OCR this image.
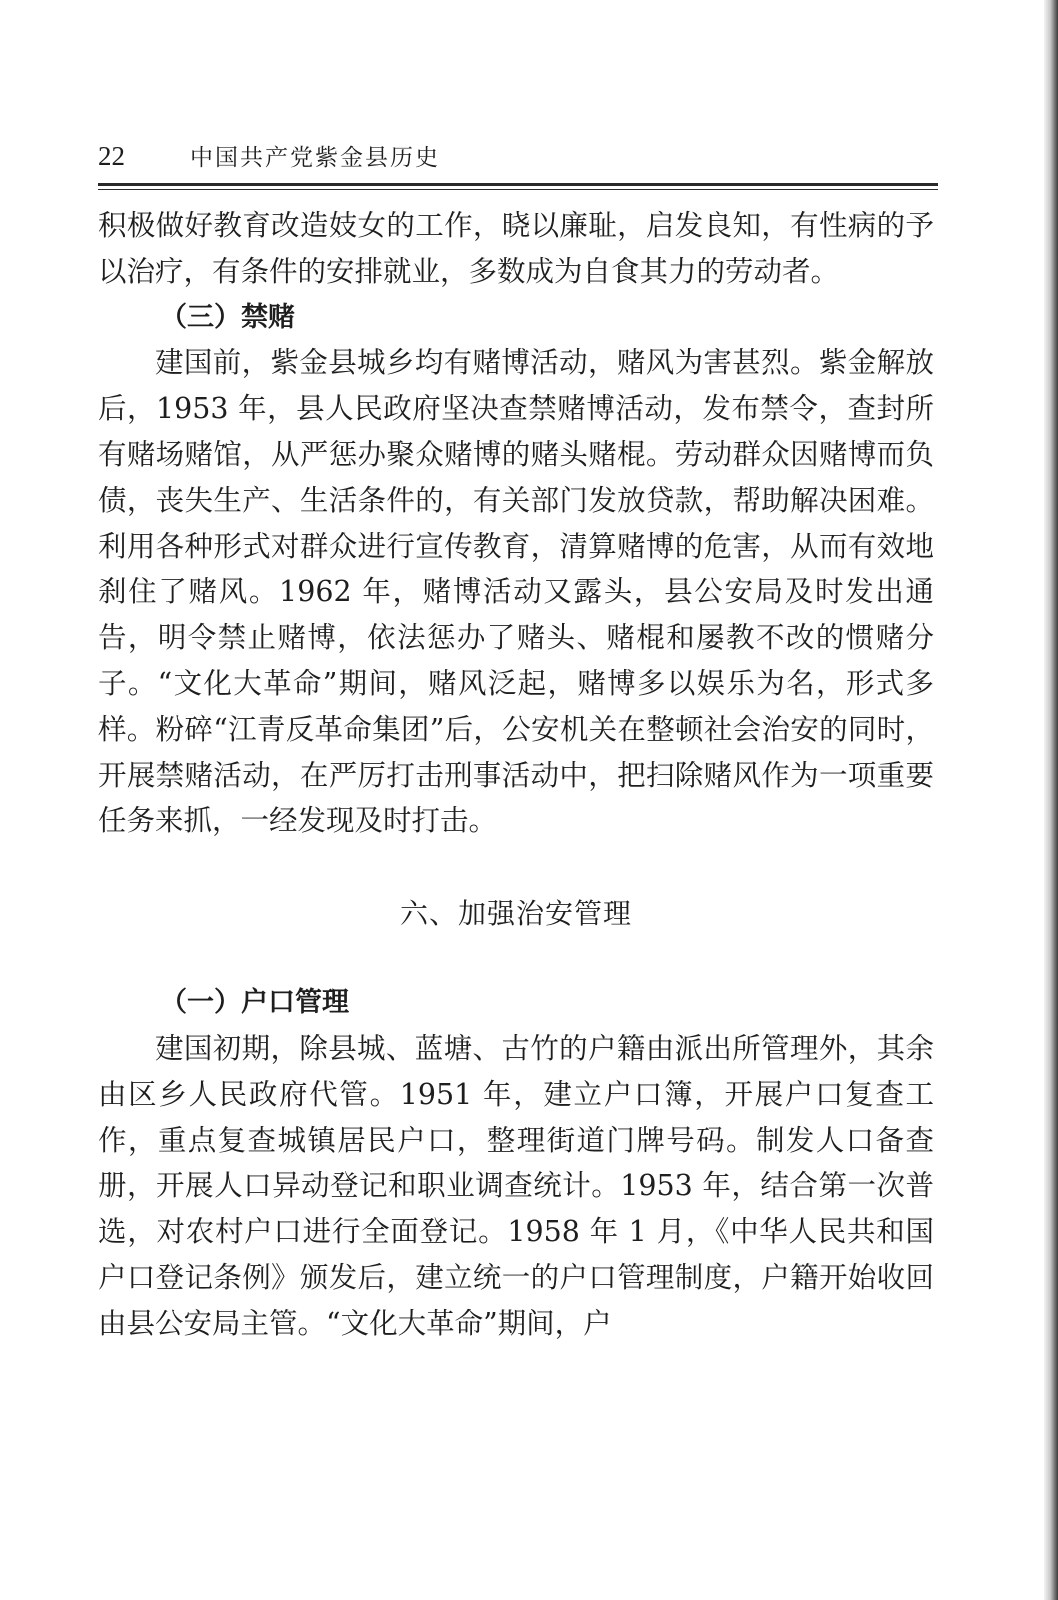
22	中国共产党紫金县历史

积极做好教育改造妓女的工作，晓以廉耻，启发良知，有性病的予以治疗，有条件的安排就业，多数成为自食其力的劳动者。

（三）禁赌

建国前，紫金县城乡均有赌博活动，赌风为害甚烈。紫金解放后，1953 年，县人民政府坚决查禁赌博活动，发布禁令，查封所有赌场赌馆，从严惩办聚众赌博的赌头赌棍。劳动群众因赌博而负债，丧失生产、生活条件的，有关部门发放贷款，帮助解决困难。利用各种形式对群众进行宣传教育，清算赌博的危害，从而有效地刹住了赌风。1962 年，赌博活动又露头，县公安局及时发出通告，明令禁止赌博，依法惩办了赌头、赌棍和屡教不改的惯赌分子。“文化大革命”期间，赌风泛起，赌博多以娱乐为名，形式多样。粉碎“江青反革命集团”后，公安机关在整顿社会治安的同时，开展禁赌活动，在严厉打击刑事活动中，把扫除赌风作为一项重要任务来抓，一经发现及时打击。

六、加强治安管理

（一）户口管理

建国初期，除县城、蓝塘、古竹的户籍由派出所管理外，其余由区乡人民政府代管。1951 年，建立户口簿，开展户口复查工作，重点复查城镇居民户口，整理街道门牌号码。制发人口备查册，开展人口异动登记和职业调查统计。1953 年，结合第一次普选，对农村户口进行全面登记。1958 年 1 月，《中华人民共和国户口登记条例》颁发后，建立统一的户口管理制度，户籍开始收回由县公安局主管。“文化大革命”期间，户
